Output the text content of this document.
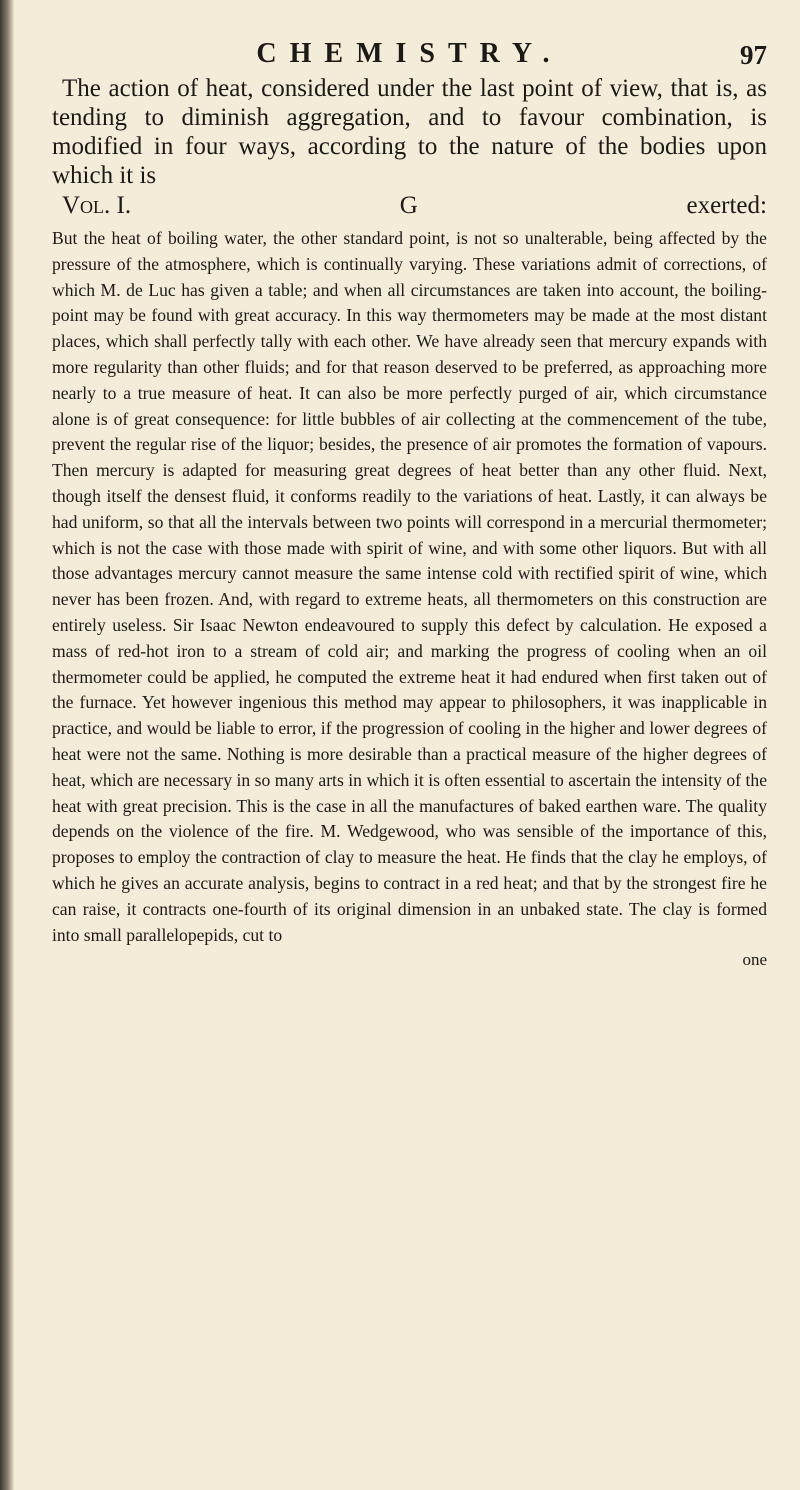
CHEMISTRY.	97

The action of heat, considered under the last point of view, that is, as tending to diminish aggregation, and to favour combination, is modified in four ways, according to the nature of the bodies upon which it is

Vol. I.	G	exerted:

But the heat of boiling water, the other standard point, is not so unalterable, being affected by the pressure of the atmosphere, which is continually varying. These variations admit of corrections, of which M. de Luc has given a table; and when all circumstances are taken into account, the boiling-point may be found with great accuracy. In this way thermometers may be made at the most distant places, which shall perfectly tally with each other. We have already seen that mercury expands with more regularity than other fluids; and for that reason deserved to be preferred, as approaching more nearly to a true measure of heat. It can also be more perfectly purged of air, which circumstance alone is of great consequence: for little bubbles of air collecting at the commencement of the tube, prevent the regular rise of the liquor; besides, the presence of air promotes the formation of vapours. Then mercury is adapted for measuring great degrees of heat better than any other fluid. Next, though itself the densest fluid, it conforms readily to the variations of heat. Lastly, it can always be had uniform, so that all the intervals between two points will correspond in a mercurial thermometer; which is not the case with those made with spirit of wine, and with some other liquors. But with all those advantages mercury cannot measure the same intense cold with rectified spirit of wine, which never has been frozen. And, with regard to extreme heats, all thermometers on this construction are entirely useless. Sir Isaac Newton endeavoured to supply this defect by calculation. He exposed a mass of red-hot iron to a stream of cold air; and marking the progress of cooling when an oil thermometer could be applied, he computed the extreme heat it had endured when first taken out of the furnace. Yet however ingenious this method may appear to philosophers, it was inapplicable in practice, and would be liable to error, if the progression of cooling in the higher and lower degrees of heat were not the same. Nothing is more desirable than a practical measure of the higher degrees of heat, which are necessary in so many arts in which it is often essential to ascertain the intensity of the heat with great precision. This is the case in all the manufactures of baked earthen ware. The quality depends on the violence of the fire. M. Wedgewood, who was sensible of the importance of this, proposes to employ the contraction of clay to measure the heat. He finds that the clay he employs, of which he gives an accurate analysis, begins to contract in a red heat; and that by the strongest fire he can raise, it contracts one-fourth of its original dimension in an unbaked state. The clay is formed into small parallelopepids, cut to

one
